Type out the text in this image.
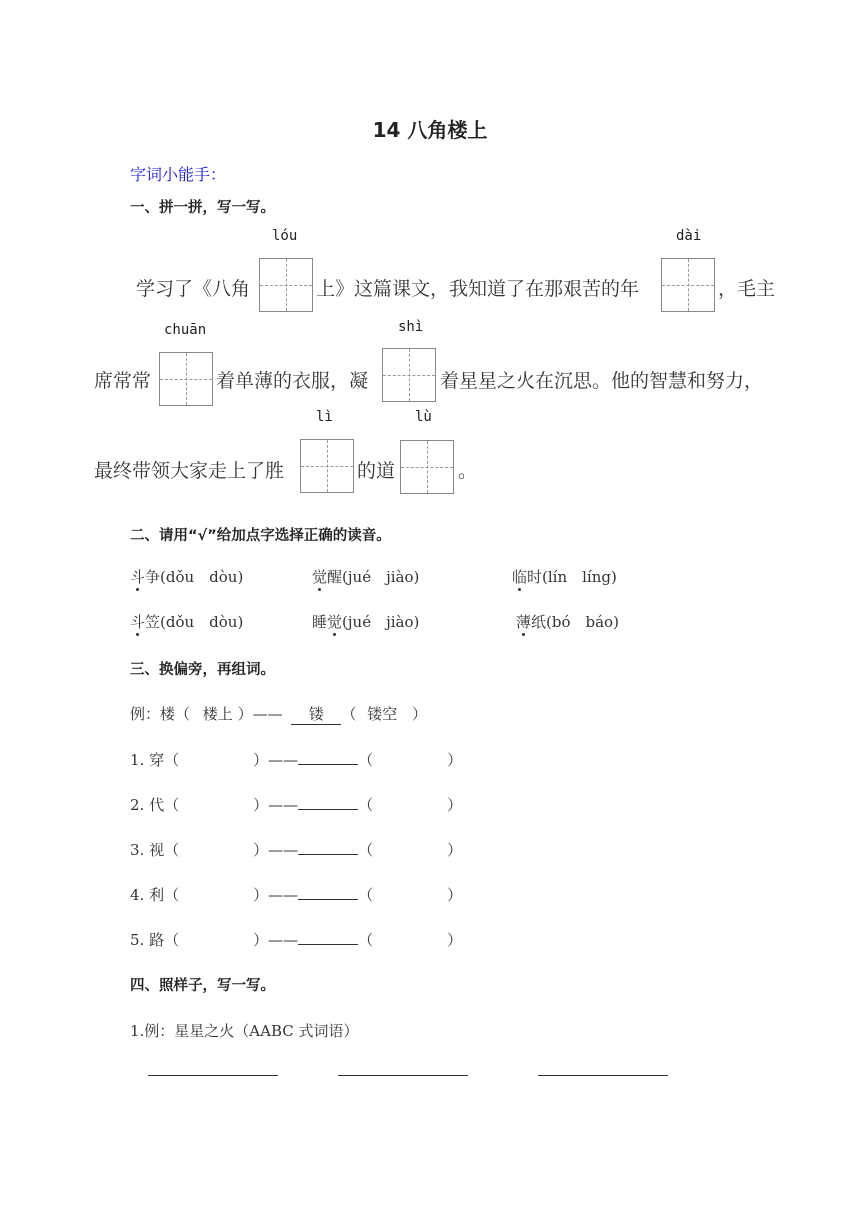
14 八角楼上
字词小能手：
一、拼一拼，写一写。
lóu	dài
学习了《八角	上》这篇课文，我知道了在那艰苦的年	，毛主
chuān	shì
席常常	着单薄的衣服，凝	着星星之火在沉思。他的智慧和努力，
lì	lù
最终带领大家走上了胜	的道	。
二、请用“√”给加点字选择正确的读音。
斗争(dǒu　dòu)	觉醒(jué　jiào)	临时(lín　líng)
斗笠(dǒu　dòu)	睡觉(jué　jiào)	薄纸(bó　báo)
三、换偏旁，再组词。
例：楼（ 楼上 ）—— 镂 （ 镂空 ）
1. 穿（	）——	（	）
2. 代（	）——	（	）
3. 视（	）——	（	）
4. 利（	）——	（	）
5. 路（	）——	（	）
四、照样子，写一写。
1.例：星星之火（AABC 式词语）
